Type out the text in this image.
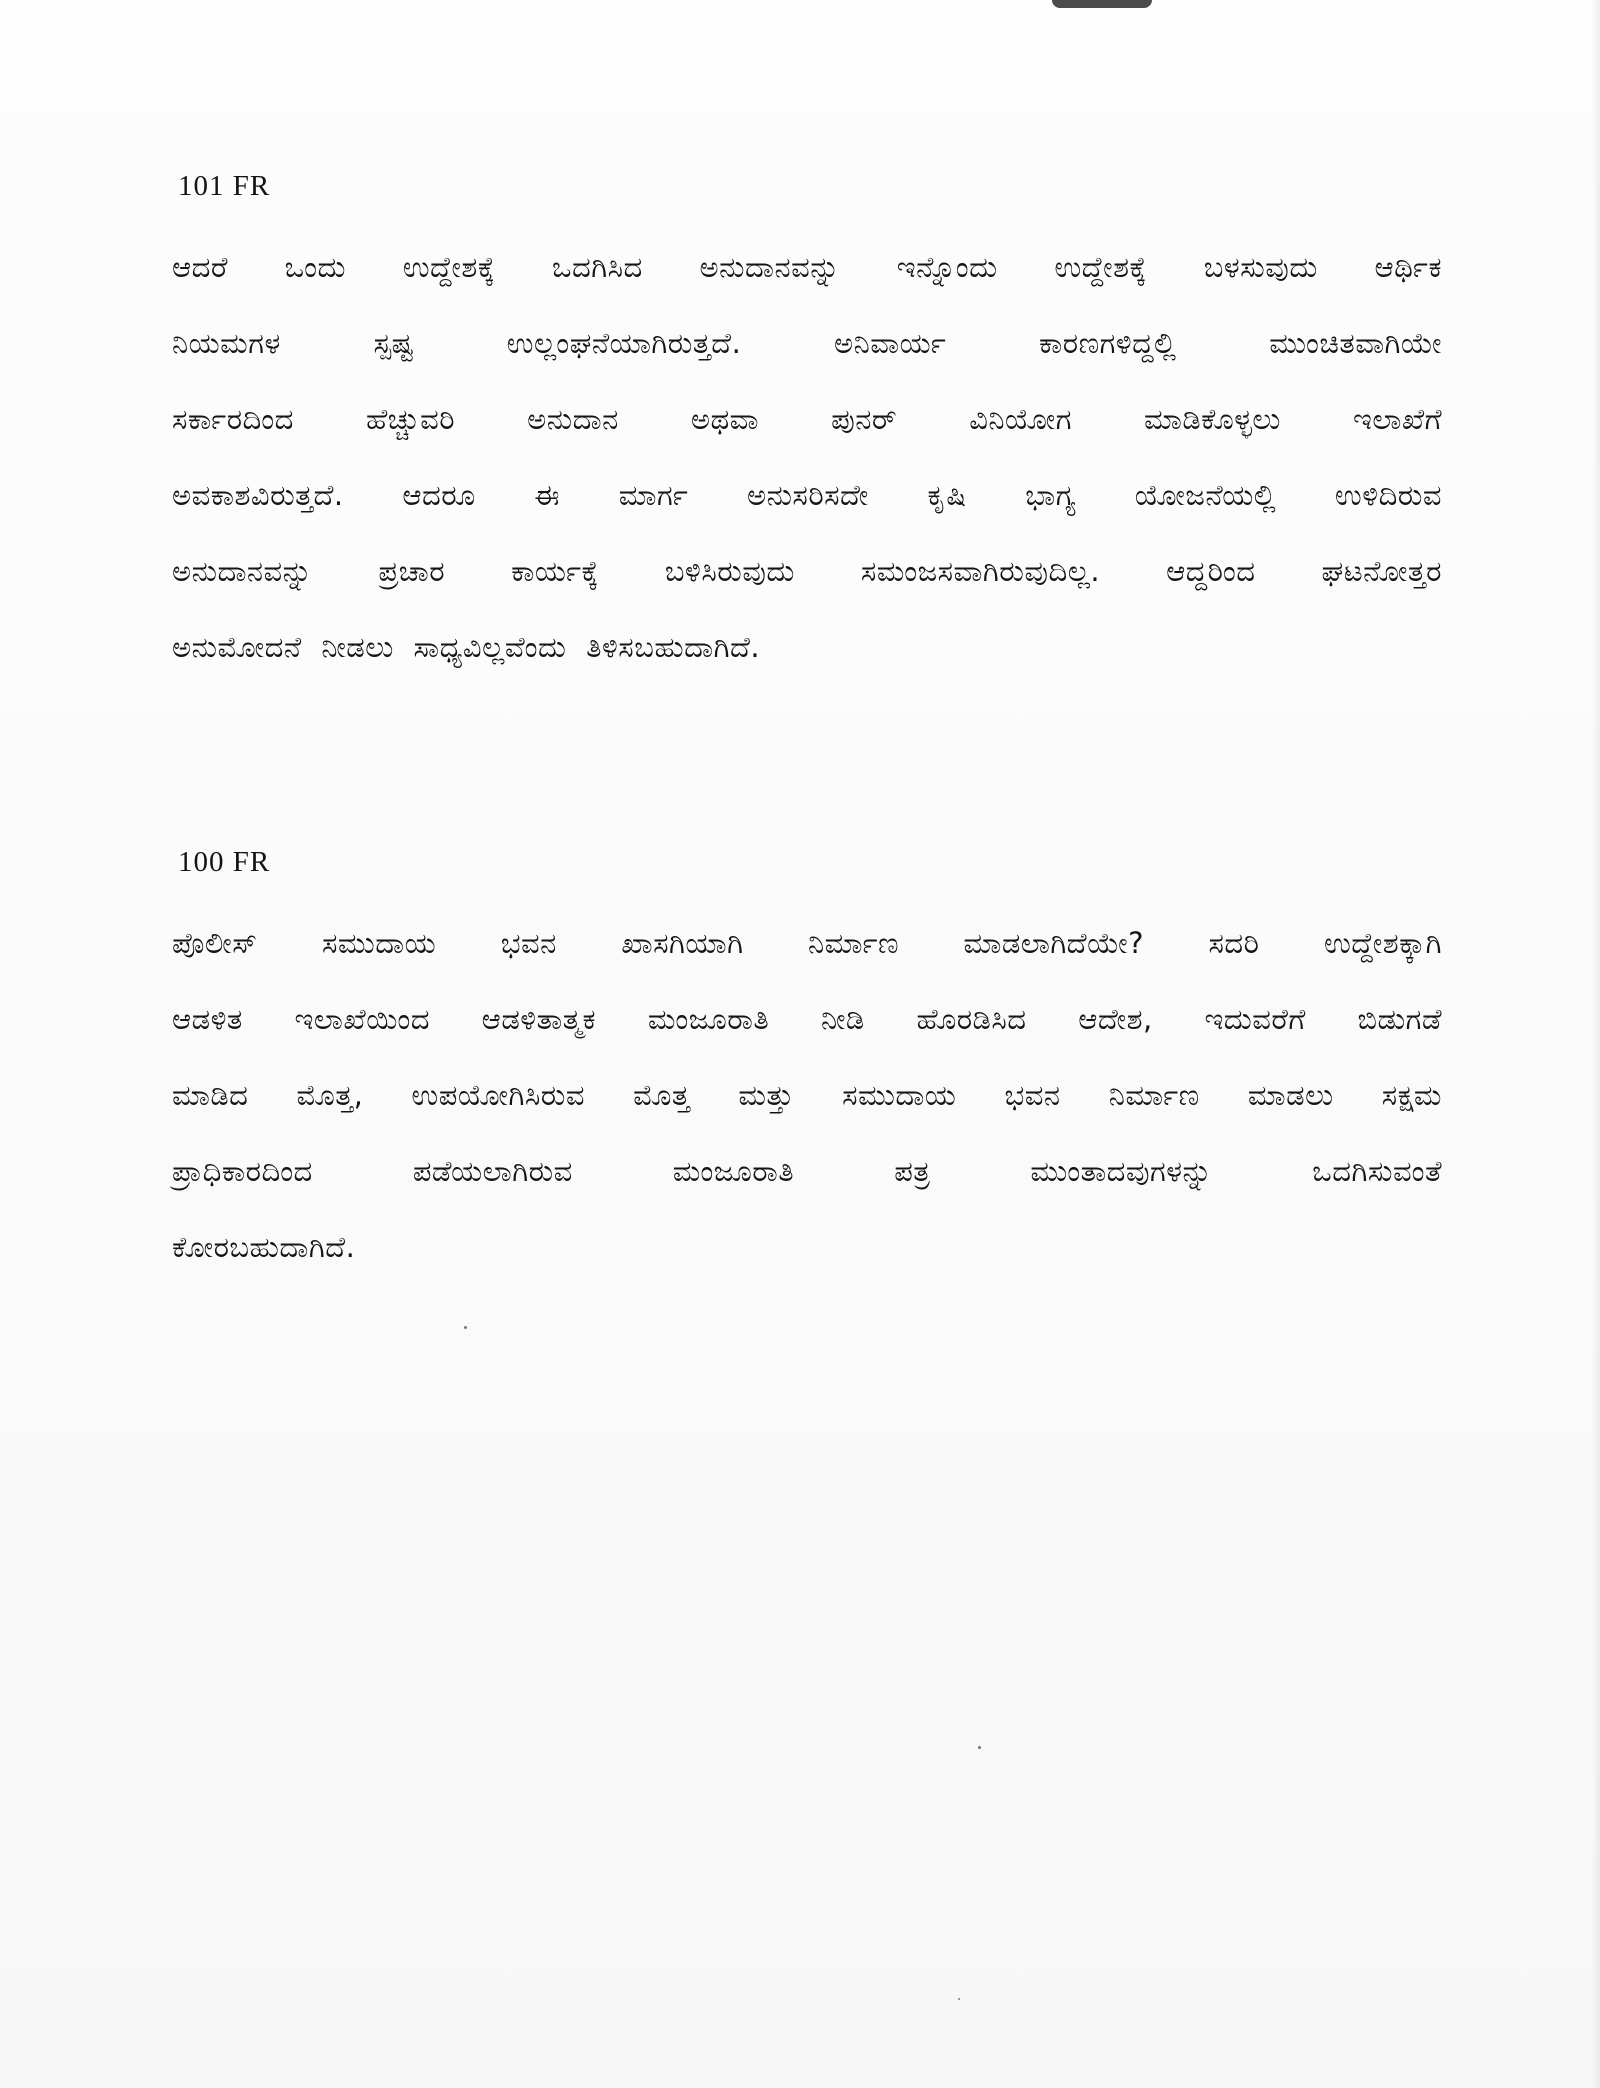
101 FR
ಆದರೆ ಒಂದು ಉದ್ದೇಶಕ್ಕೆ ಒದಗಿಸಿದ ಅನುದಾನವನ್ನು ಇನ್ನೊಂದು ಉದ್ದೇಶಕ್ಕೆ ಬಳಸುವುದು ಆರ್ಥಿಕ
ನಿಯಮಗಳ ಸ್ಪಷ್ಟ ಉಲ್ಲಂಘನೆಯಾಗಿರುತ್ತದೆ. ಅನಿವಾರ್ಯ ಕಾರಣಗಳಿದ್ದಲ್ಲಿ ಮುಂಚಿತವಾಗಿಯೇ
ಸರ್ಕಾರದಿಂದ ಹೆಚ್ಚುವರಿ ಅನುದಾನ ಅಥವಾ ಪುನರ್ ವಿನಿಯೋಗ ಮಾಡಿಕೊಳ್ಳಲು ಇಲಾಖೆಗೆ
ಅವಕಾಶವಿರುತ್ತದೆ. ಆದರೂ ಈ ಮಾರ್ಗ ಅನುಸರಿಸದೇ ಕೃಷಿ ಭಾಗ್ಯ ಯೋಜನೆಯಲ್ಲಿ ಉಳಿದಿರುವ
ಅನುದಾನವನ್ನು ಪ್ರಚಾರ ಕಾರ್ಯಕ್ಕೆ ಬಳಿಸಿರುವುದು ಸಮಂಜಸವಾಗಿರುವುದಿಲ್ಲ. ಆದ್ದರಿಂದ ಘಟನೋತ್ತರ
ಅನುಮೋದನೆ ನೀಡಲು ಸಾಧ್ಯವಿಲ್ಲವೆಂದು ತಿಳಿಸಬಹುದಾಗಿದೆ.
100 FR
ಪೊಲೀಸ್ ಸಮುದಾಯ ಭವನ ಖಾಸಗಿಯಾಗಿ ನಿರ್ಮಾಣ ಮಾಡಲಾಗಿದೆಯೇ? ಸದರಿ ಉದ್ದೇಶಕ್ಕಾಗಿ
ಆಡಳಿತ ಇಲಾಖೆಯಿಂದ ಆಡಳಿತಾತ್ಮಕ ಮಂಜೂರಾತಿ ನೀಡಿ ಹೊರಡಿಸಿದ ಆದೇಶ, ಇದುವರೆಗೆ ಬಿಡುಗಡೆ
ಮಾಡಿದ ಮೊತ್ತ, ಉಪಯೋಗಿಸಿರುವ ಮೊತ್ತ ಮತ್ತು ಸಮುದಾಯ ಭವನ ನಿರ್ಮಾಣ ಮಾಡಲು ಸಕ್ಷಮ
ಪ್ರಾಧಿಕಾರದಿಂದ ಪಡೆಯಲಾಗಿರುವ ಮಂಜೂರಾತಿ ಪತ್ರ ಮುಂತಾದವುಗಳನ್ನು ಒದಗಿಸುವಂತೆ
ಕೋರಬಹುದಾಗಿದೆ.
